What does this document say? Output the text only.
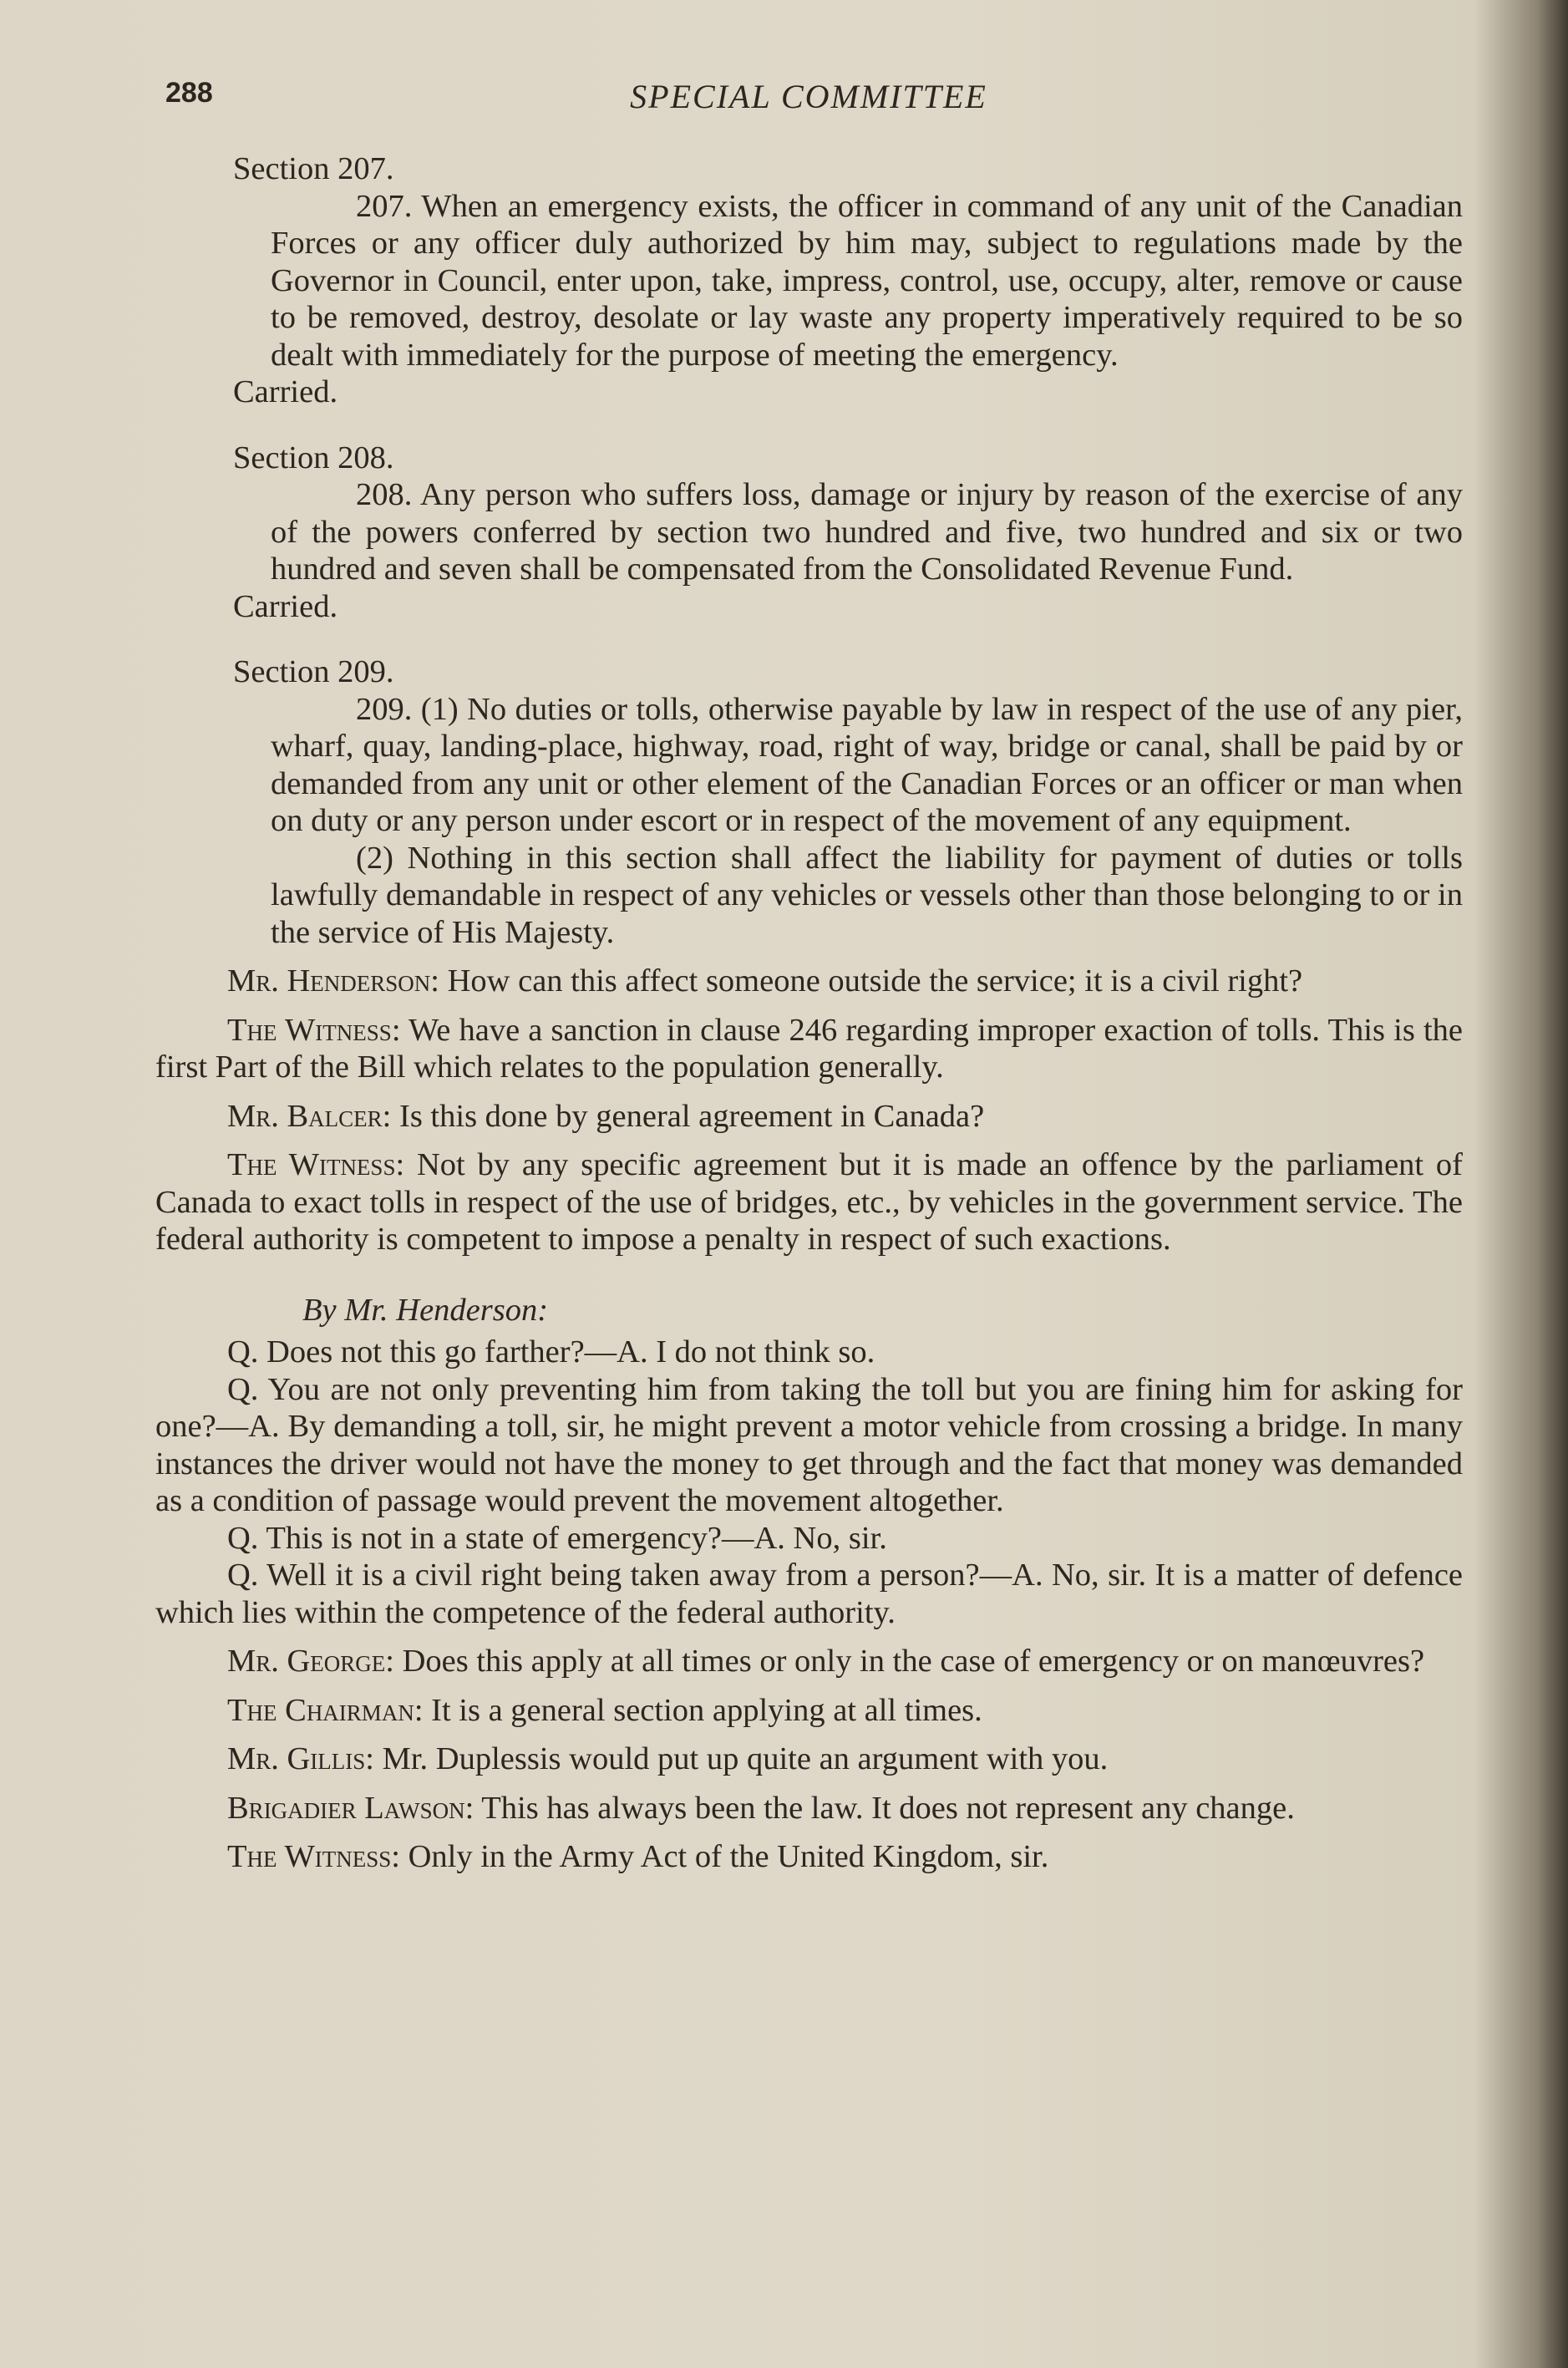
288	SPECIAL COMMITTEE

Section 207.

207. When an emergency exists, the officer in command of any unit of the Canadian Forces or any officer duly authorized by him may, subject to regulations made by the Governor in Council, enter upon, take, impress, control, use, occupy, alter, remove or cause to be removed, destroy, desolate or lay waste any property imperatively required to be so dealt with immediately for the purpose of meeting the emergency.

Carried.

Section 208.

208. Any person who suffers loss, damage or injury by reason of the exercise of any of the powers conferred by section two hundred and five, two hundred and six or two hundred and seven shall be compensated from the Consolidated Revenue Fund.

Carried.

Section 209.

209. (1) No duties or tolls, otherwise payable by law in respect of the use of any pier, wharf, quay, landing-place, highway, road, right of way, bridge or canal, shall be paid by or demanded from any unit or other element of the Canadian Forces or an officer or man when on duty or any person under escort or in respect of the movement of any equipment.

(2) Nothing in this section shall affect the liability for payment of duties or tolls lawfully demandable in respect of any vehicles or vessels other than those belonging to or in the service of His Majesty.

Mr. Henderson: How can this affect someone outside the service; it is a civil right?

The Witness: We have a sanction in clause 246 regarding improper exaction of tolls. This is the first Part of the Bill which relates to the population generally.

Mr. Balcer: Is this done by general agreement in Canada?

The Witness: Not by any specific agreement but it is made an offence by the parliament of Canada to exact tolls in respect of the use of bridges, etc., by vehicles in the government service. The federal authority is competent to impose a penalty in respect of such exactions.

By Mr. Henderson:

Q. Does not this go farther?—A. I do not think so.

Q. You are not only preventing him from taking the toll but you are fining him for asking for one?—A. By demanding a toll, sir, he might prevent a motor vehicle from crossing a bridge. In many instances the driver would not have the money to get through and the fact that money was demanded as a condition of passage would prevent the movement altogether.

Q. This is not in a state of emergency?—A. No, sir.

Q. Well it is a civil right being taken away from a person?—A. No, sir. It is a matter of defence which lies within the competence of the federal authority.

Mr. George: Does this apply at all times or only in the case of emergency or on manœuvres?

The Chairman: It is a general section applying at all times.

Mr. Gillis: Mr. Duplessis would put up quite an argument with you.

Brigadier Lawson: This has always been the law. It does not represent any change.

The Witness: Only in the Army Act of the United Kingdom, sir.
